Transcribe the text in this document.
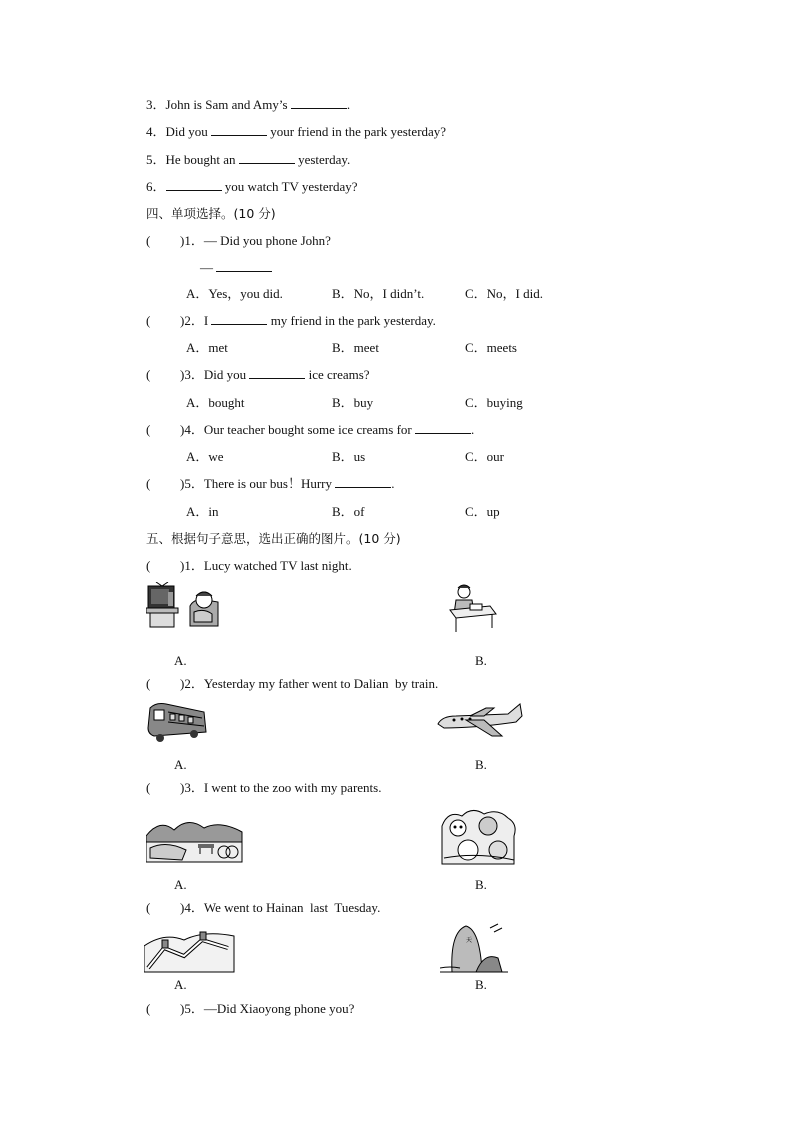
3．John is Sam and Amy’s	.
4．Did you	your friend in the park yesterday?
5．He bought an	yesterday.
6．	you watch TV yesterday?
四、单项选择。(10 分)
( )1．— Did you phone John?
—
A．Yes，you did.	B．No，I didn’t.	C．No，I did.
( )2．I	my friend in the park yesterday.
A．met	B．meet	C．meets
( )3．Did you	ice creams?
A．bought	B．buy	C．buying
( )4．Our teacher bought some ice creams for	.
A．we	B．us	C．our
( )5．There is our bus！Hurry	.
A．in	B．of	C．up
五、根据句子意思，选出正确的图片。(10 分)
( )1．Lucy watched TV last night.
A.	B.
( )2．Yesterday my father went to Dalian  by train.
A.	B.
( )3．I went to the zoo with my parents.
A.	B.
( )4．We went to Hainan  last  Tuesday.
天
A.	B.
( )5．—Did Xiaoyong phone you?
